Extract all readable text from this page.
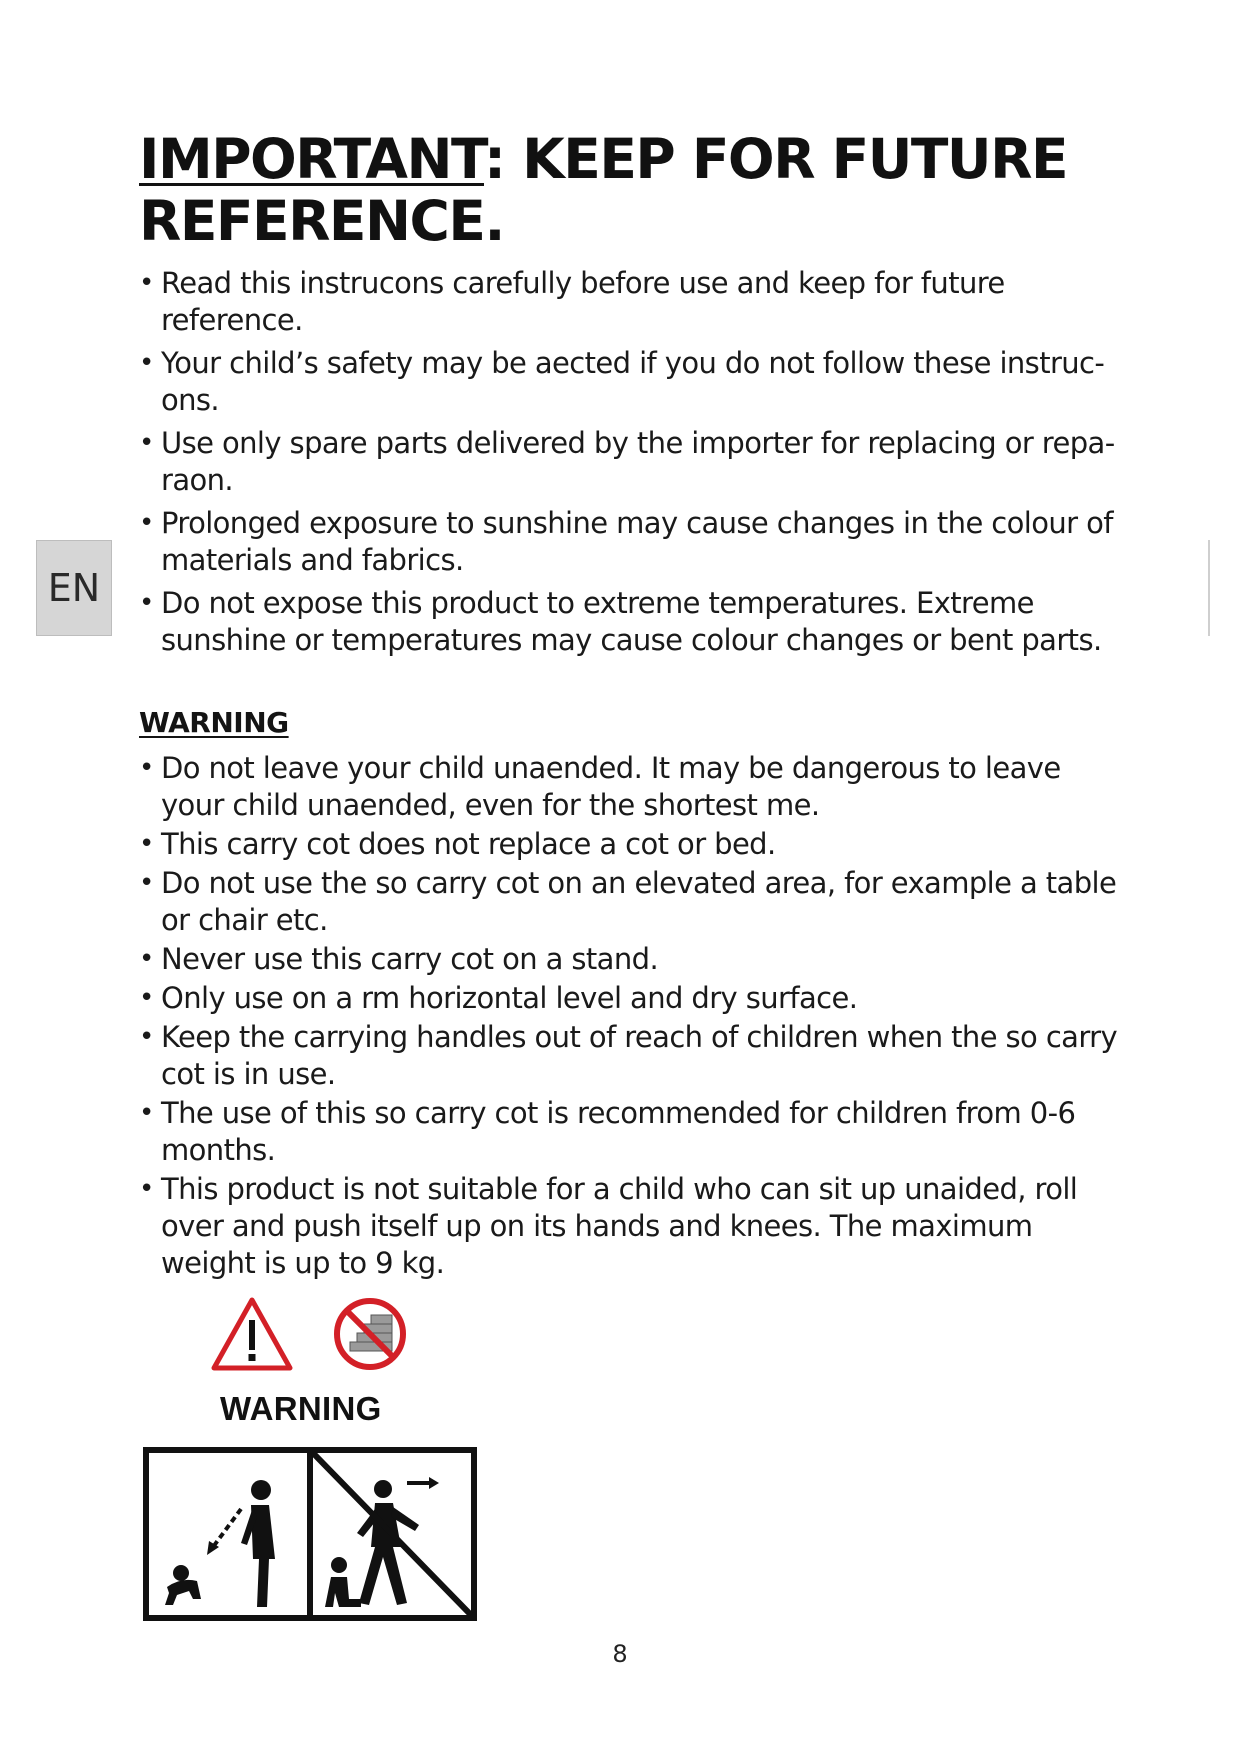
IMPORTANT: KEEP FOR FUTURE REFERENCE.
• Read this instrucons carefully before use and keep for future reference.
• Your child’s safety may be aected if you do not follow these instruc-ons.
• Use only spare parts delivered by the importer for replacing or repa-raon.
• Prolonged exposure to sunshine may cause changes in the colour of materials and fabrics.
• Do not expose this product to extreme temperatures. Extreme sunshine or temperatures may cause colour changes or bent parts.
EN
WARNING
• Do not leave your child unaended. It may be dangerous to leave your child unaended, even for the shortest me.
• This carry cot does not replace a cot or bed.
• Do not use the so carry cot on an elevated area, for example a table or chair etc.
• Never use this carry cot on a stand.
• Only use on a rm horizontal level and dry surface.
• Keep the carrying handles out of reach of children when the so carry cot is in use.
• The use of this so carry cot is recommended for children from 0-6 months.
• This product is not suitable for a child who can sit up unaided, roll over and push itself up on its hands and knees. The maximum weight is up to 9 kg.

WARNING

8
